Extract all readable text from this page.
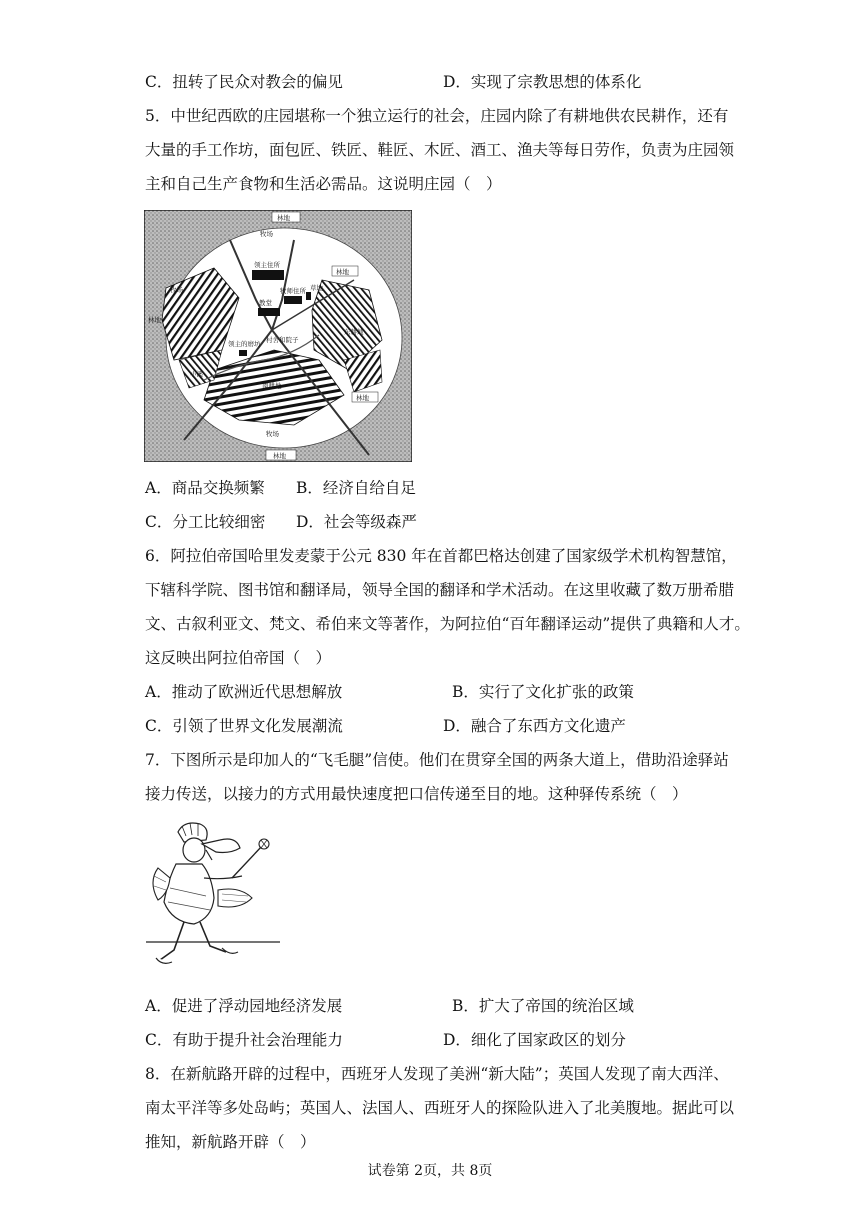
C．扭转了民众对教会的偏见	D．实现了宗教思想的体系化
5．中世纪西欧的庄园堪称一个独立运行的社会，庄园内除了有耕地供农民耕作，还有
大量的手工作坊，面包匠、铁匠、鞋匠、木匠、酒工、渔夫等每日劳作，负责为庄园领
主和自己生产食物和生活必需品。这说明庄园（　）
林地
牧场
领主住所
牧师住所
教堂
林地
林地
牧场	草地
村舍和院子
领主的磨坊
小溪
南耕地
东耕地
林地
牧场
林地
A．商品交换频繁 B．经济自给自足
C．分工比较细密 D．社会等级森严
6．阿拉伯帝国哈里发麦蒙于公元 830 年在首都巴格达创建了国家级学术机构智慧馆，
下辖科学院、图书馆和翻译局，领导全国的翻译和学术活动。在这里收藏了数万册希腊
文、古叙利亚文、梵文、希伯来文等著作，为阿拉伯“百年翻译运动”提供了典籍和人才。
这反映出阿拉伯帝国（　）
A．推动了欧洲近代思想解放	B．实行了文化扩张的政策
C．引领了世界文化发展潮流	D．融合了东西方文化遗产
7．下图所示是印加人的“飞毛腿”信使。他们在贯穿全国的两条大道上，借助沿途驿站
接力传送，以接力的方式用最快速度把口信传递至目的地。这种驿传系统（　）
A．促进了浮动园地经济发展	B．扩大了帝国的统治区域
C．有助于提升社会治理能力	D．细化了国家政区的划分
8．在新航路开辟的过程中，西班牙人发现了美洲“新大陆”；英国人发现了南大西洋、
南太平洋等多处岛屿；英国人、法国人、西班牙人的探险队进入了北美腹地。据此可以
推知，新航路开辟（　）
试卷第 2页，共 8页
